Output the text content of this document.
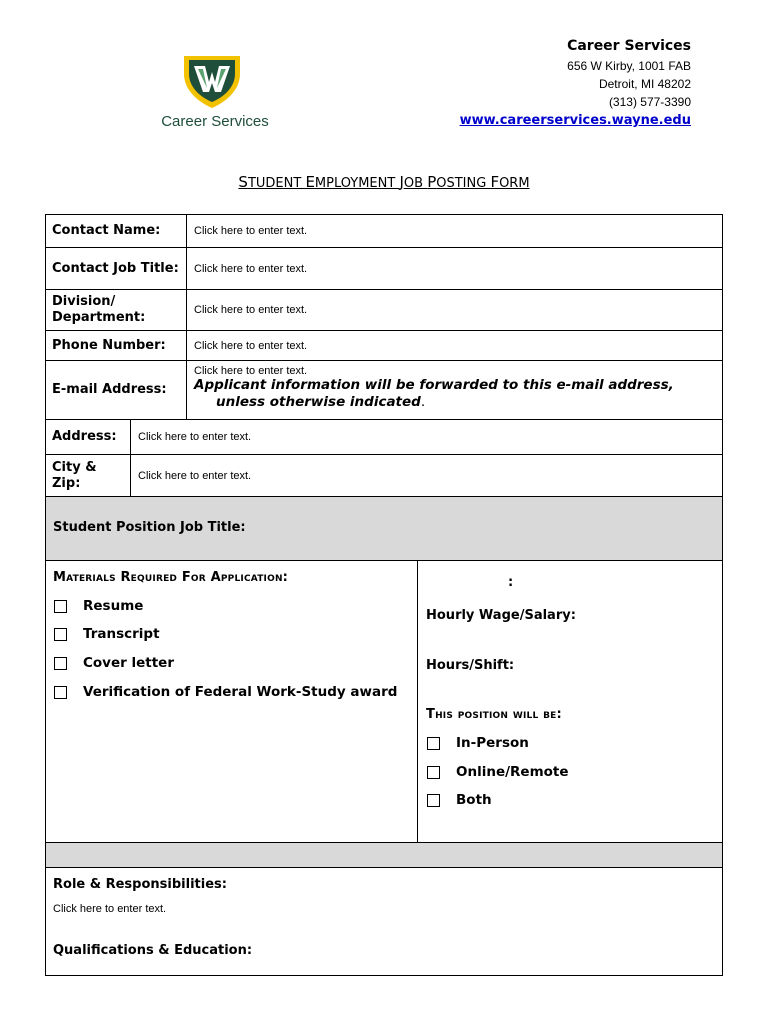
Career Services
Career Services
656 W Kirby, 1001 FAB
Detroit, MI 48202
(313) 577-3390
www.careerservices.wayne.edu
STUDENT EMPLOYMENT JOB POSTING FORM
Contact Name:	Click here to enter text.
Contact Job Title:	Click here to enter text.
Division/ Department:	Click here to enter text.
Phone Number:	Click here to enter text.
E-mail Address:
Click here to enter text.
Applicant information will be forwarded to this e-mail address,
unless otherwise indicated.
Address:	Click here to enter text.
City & Zip:	Click here to enter text.
Student Position Job Title:
Materials Required For Application:
Resume
Transcript
Cover letter
Verification of Federal Work-Study award
:
Hourly Wage/Salary:
Hours/Shift:
This position will be:
In-Person
Online/Remote
Both
Role & Responsibilities:
Click here to enter text.
Qualifications & Education:
